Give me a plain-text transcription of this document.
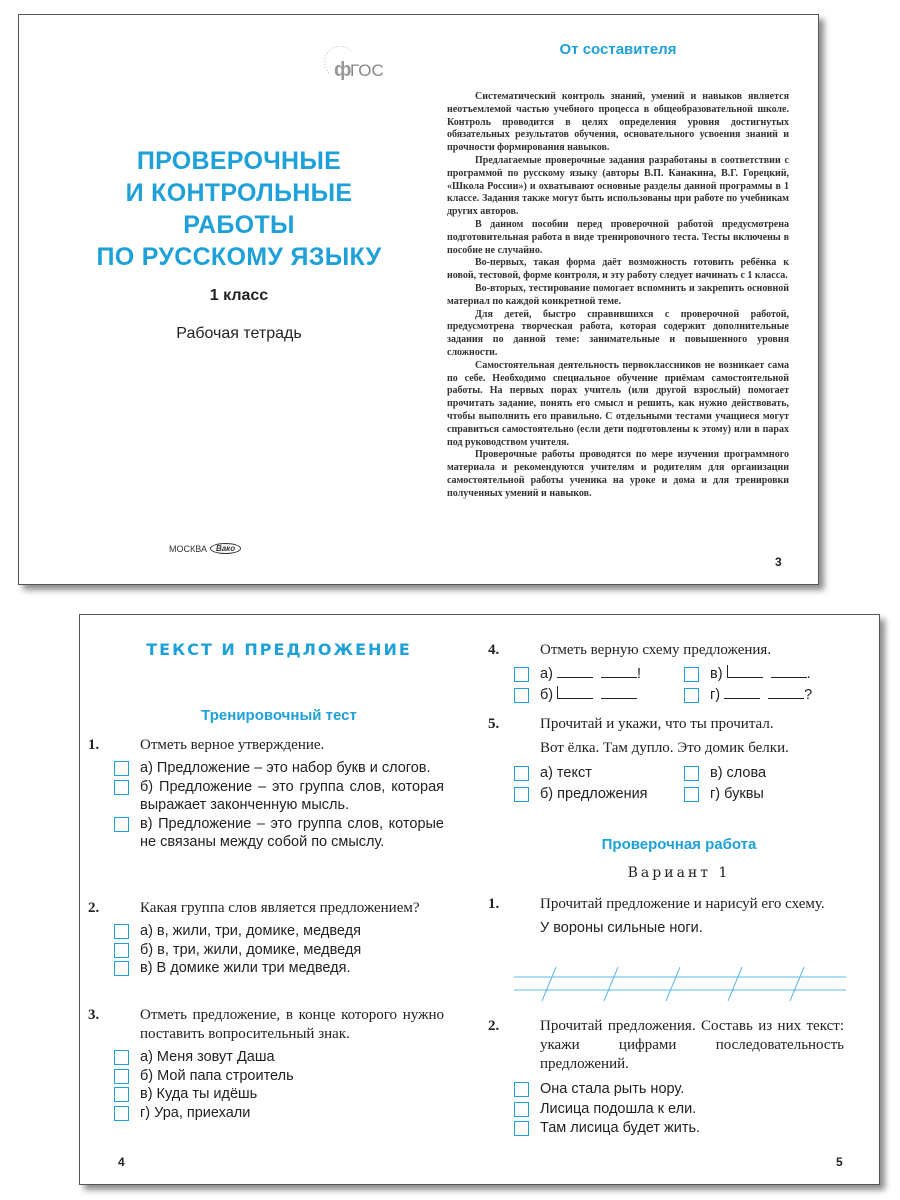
ф
ГОС
ПРОВЕРОЧНЫЕ
И КОНТРОЛЬНЫЕ
РАБОТЫ
ПО РУССКОМУ ЯЗЫКУ
1 класс
Рабочая тетрадь
МОСКВА	Вако
От составителя

Систематический контроль знаний, умений и навыков является неотъемлемой частью учебного процесса в общеобразовательной школе. Контроль проводится в целях определения уровня достигнутых обязательных результатов обучения, основательного усвоения знаний и прочности формирования навыков.

Предлагаемые проверочные задания разработаны в соответствии с программой по русскому языку (авторы В.П. Канакина, В.Г. Горецкий, «Школа России») и охватывают основные разделы данной программы в 1 классе. Задания также могут быть использованы при работе по учебникам других авторов.

В данном пособии перед проверочной работой предусмотрена подготовительная работа в виде тренировочного теста. Тесты включены в пособие не случайно.

Во-первых, такая форма даёт возможность готовить ребёнка к новой, тестовой, форме контроля, и эту работу следует начинать с 1 класса.

Во-вторых, тестирование помогает вспомнить и закрепить основной материал по каждой конкретной теме.

Для детей, быстро справившихся с проверочной работой, предусмотрена творческая работа, которая содержит дополнительные задания по данной теме: занимательные и повышенного уровня сложности.

Самостоятельная деятельность первоклассников не возникает сама по себе. Необходимо специальное обучение приёмам самостоятельной работы. На первых порах учитель (или другой взрослый) помогает прочитать задание, понять его смысл и решить, как нужно действовать, чтобы выполнить его правильно. С отдельными тестами учащиеся могут справиться самостоятельно (если дети подготовлены к этому) или в парах под руководством учителя.

Проверочные работы проводятся по мере изучения программного материала и рекомендуются учителям и родителям для организации самостоятельной работы ученика на уроке и дома и для тренировки полученных умений и навыков.

3
ТЕКСТ И ПРЕДЛОЖЕНИЕ
Тренировочный тест
1.	Отметь верное утверждение.
а) Предложение – это набор букв и слогов.
б) Предложение – это группа слов, которая выражает законченную мысль.
в) Предложение – это группа слов, которые не связаны между собой по смыслу.
2.	Какая группа слов является предложением?
а) в, жили, три, домике, медведя
б) в, три, жили, домике, медведя
в) В домике жили три медведя.
3.	Отметь предложение, в конце которого нужно поставить вопросительный знак.
а) Меня зовут Даша
б) Мой папа строитель
в) Куда ты идёшь
г) Ура, приехали
4
4.	Отметь верную схему предложения.
а)	!	в)	.
б)	г)	?
5.	Прочитай и укажи, что ты прочитал.
Вот ёлка. Там дупло. Это домик белки.
а) текст	в) слова
б) предложения	г) буквы
Проверочная работа
Вариант 1
1.	Прочитай предложение и нарисуй его схему.
У вороны сильные ноги.
2.	Прочитай предложения. Составь из них текст: укажи цифрами последовательность предложений.
Она стала рыть нору.
Лисица подошла к ели.
Там лисица будет жить.
5
